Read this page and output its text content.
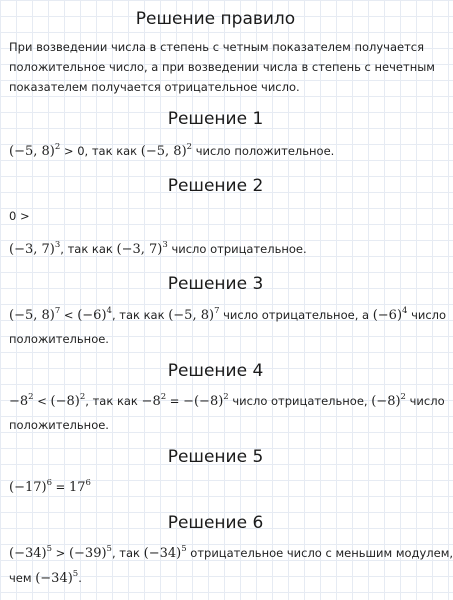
Решение правило

При возведении числа в степень с четным показателем получается

положительное число, а при возведении числа в степень с нечетным

показателем получается отрицательное число.

Решение 1

(−5, 8)$^2$ > 0, так как (−5, 8)$^2$ число положительное.

Решение 2

0 >

(−3, 7)$^3$, так как (−3, 7)$^3$ число отрицательное.

Решение 3

(−5, $8)^7 < (-6)^4$, так как (−5, 8)$^7$ число отрицательное, а $(-6)^4$ число

положительное.

Решение 4

$-8^2 < (-8)^2$, так как $-8^2 = -(-8)^2$ число отрицательное, $(-8)^2$ число

положительное.

Решение 5

$(-17)^6 = 17^6$

Решение 6

$(-34)^5 > (-39)^5$, так $(-34)^5$ отрицательное число с меньшим модулем,

чем $(-34)^5$.
